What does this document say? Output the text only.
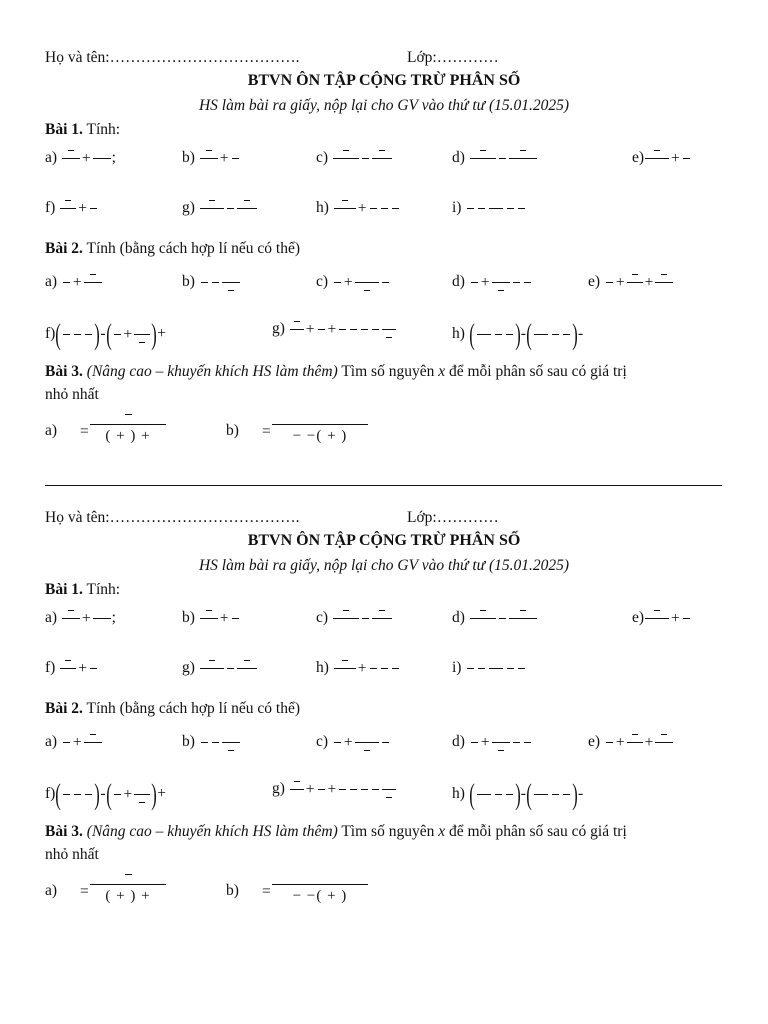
Họ và tên:……………………………….	Lớp:…………
BTVN ÔN TẬP CỘNG TRỪ PHÂN SỐ
HS làm bài ra giấy, nộp lại cho GV vào thứ tư (15.01.2025)
Bài 1. Tính:
a) + ;	b) +	c)	d)	e) +
f) +	g)	h) +	i)
Bài 2. Tính (bằng cách hợp lí nếu có thể)
a) +	b)	c) +	d) +	e) + +
f)( )-( + )+	g) + +	h) ( )-( )-
Bài 3. (Nâng cao – khuyến khích HS làm thêm) Tìm số nguyên x để mỗi phân số sau có giá trị
nhỏ nhất
a) = ( + ) +	b) = − −( + )
Họ và tên:……………………………….	Lớp:…………
BTVN ÔN TẬP CỘNG TRỪ PHÂN SỐ
HS làm bài ra giấy, nộp lại cho GV vào thứ tư (15.01.2025)
Bài 1. Tính:
a) + ;	b) +	c)	d)	e) +
f) +	g)	h) +	i)
Bài 2. Tính (bằng cách hợp lí nếu có thể)
a) +	b)	c) +	d) +	e) + +
f)( )-( + )+	g) + +	h) ( )-( )-
Bài 3. (Nâng cao – khuyến khích HS làm thêm) Tìm số nguyên x để mỗi phân số sau có giá trị
nhỏ nhất
a) = ( + ) +	b) = − −( + )
